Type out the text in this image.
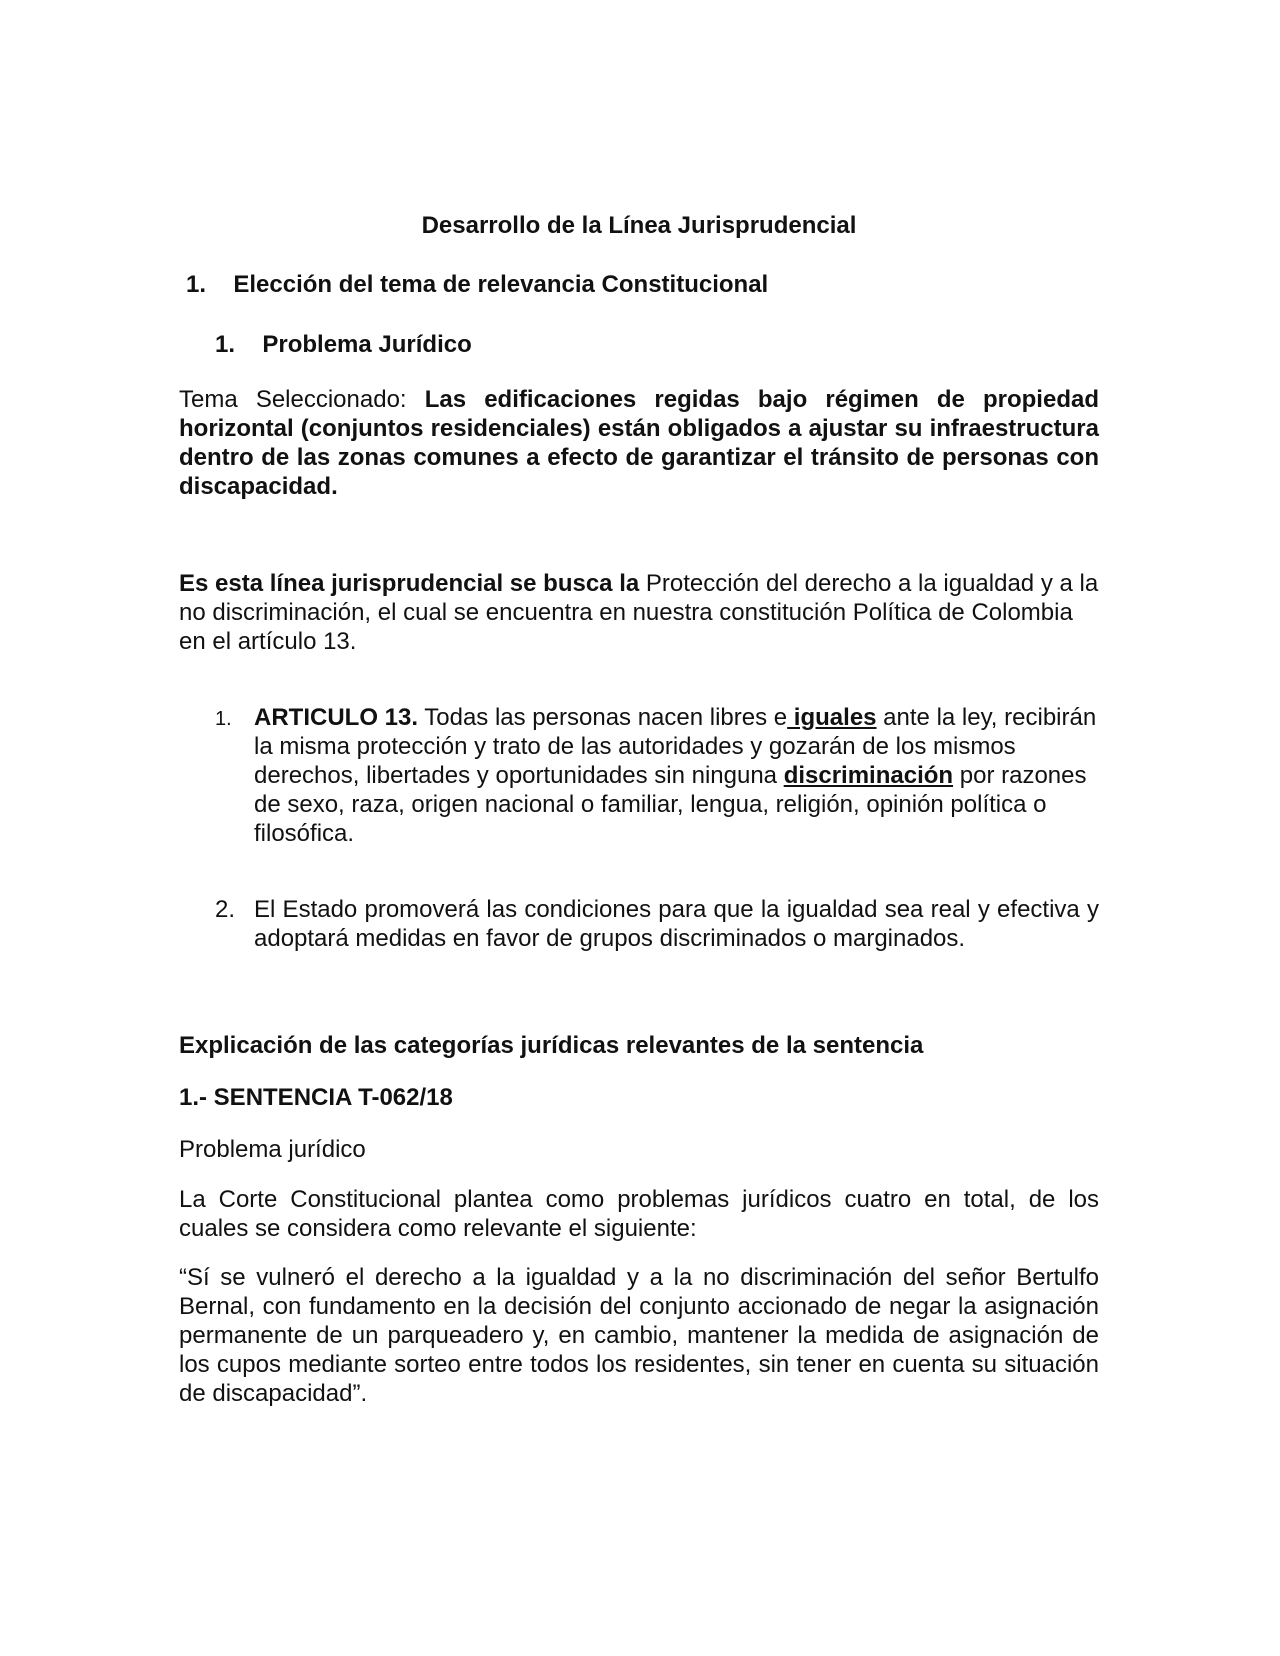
Desarrollo de la Línea Jurisprudencial
1. Elección del tema de relevancia Constitucional
1. Problema Jurídico
Tema Seleccionado: Las edificaciones regidas bajo régimen de propiedad horizontal (conjuntos residenciales) están obligados a ajustar su infraestructura dentro de las zonas comunes a efecto de garantizar el tránsito de personas con discapacidad.
Es esta línea jurisprudencial se busca la Protección del derecho a la igualdad y a la no discriminación, el cual se encuentra en nuestra constitución Política de Colombia en el artículo 13.
1. ARTICULO 13. Todas las personas nacen libres e iguales ante la ley, recibirán la misma protección y trato de las autoridades y gozarán de los mismos derechos, libertades y oportunidades sin ninguna discriminación por razones de sexo, raza, origen nacional o familiar, lengua, religión, opinión política o filosófica.
2. El Estado promoverá las condiciones para que la igualdad sea real y efectiva y adoptará medidas en favor de grupos discriminados o marginados.
Explicación de las categorías jurídicas relevantes de la sentencia
1.- SENTENCIA T-062/18
Problema jurídico
La Corte Constitucional plantea como problemas jurídicos cuatro en total, de los cuales se considera como relevante el siguiente:
“Sí se vulneró el derecho a la igualdad y a la no discriminación del señor Bertulfo Bernal, con fundamento en la decisión del conjunto accionado de negar la asignación permanente de un parqueadero y, en cambio, mantener la medida de asignación de los cupos mediante sorteo entre todos los residentes, sin tener en cuenta su situación de discapacidad”.
